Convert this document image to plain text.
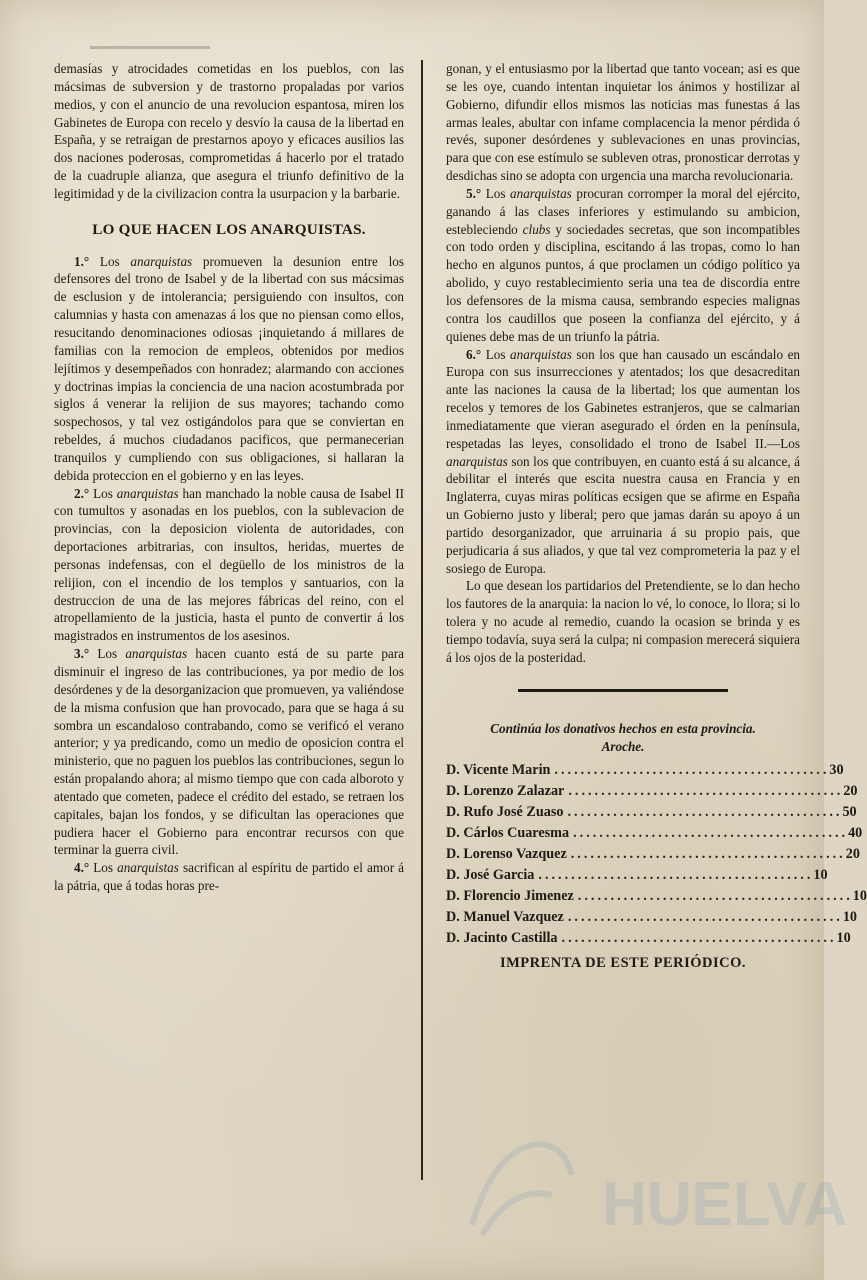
demasías y atrocidades cometidas en los pueblos, con las mácsimas de subversion y de trastorno propaladas por varios medios, y con el anuncio de una revolucion espantosa, miren los Gabinetes de Europa con recelo y desvío la causa de la libertad en España, y se retraigan de prestarnos apoyo y eficaces ausilios las dos naciones poderosas, comprometidas á hacerlo por el tratado de la cuadruple alianza, que asegura el triunfo definitivo de la legitimidad y de la civilizacion contra la usurpacion y la barbarie.

LO QUE HACEN LOS ANARQUISTAS.

1.° Los anarquistas promueven la desunion entre los defensores del trono de Isabel y de la libertad con sus mácsimas de esclusion y de intolerancia; persiguiendo con insultos, con calumnias y hasta con amenazas á los que no piensan como ellos, resucitando denominaciones odiosas ¡inquietando á millares de familias con la remocion de empleos, obtenidos por medios lejítimos y desempeñados con honradez; alarmando con acciones y doctrinas impias la conciencia de una nacion acostumbrada por siglos á venerar la relijion de sus mayores; tachando como sospechosos, y tal vez ostigándolos para que se conviertan en rebeldes, á muchos ciudadanos pacificos, que permanecerian tranquilos y cumpliendo con sus obligaciones, si hallaran la debida proteccion en el gobierno y en las leyes.

2.° Los anarquistas han manchado la noble causa de Isabel II con tumultos y asonadas en los pueblos, con la sublevacion de provincias, con la deposicion violenta de autoridades, con deportaciones arbitrarias, con insultos, heridas, muertes de personas indefensas, con el degüello de los ministros de la relijion, con el incendio de los templos y santuarios, con la destruccion de una de las mejores fábricas del reino, con el atropellamiento de la justicia, hasta el punto de convertir á los magistrados en instrumentos de los asesinos.

3.° Los anarquistas hacen cuanto está de su parte para disminuir el ingreso de las contribuciones, ya por medio de los desórdenes y de la desorganizacion que promueven, ya valiéndose de la misma confusion que han provocado, para que se haga á su sombra un escandaloso contrabando, como se verificó el verano anterior; y ya predicando, como un medio de oposicion contra el ministerio, que no paguen los pueblos las contribuciones, segun lo están propalando ahora; al mismo tiempo que con cada alboroto y atentado que cometen, padece el crédito del estado, se retraen los capitales, bajan los fondos, y se dificultan las operaciones que pudiera hacer el Gobierno para encontrar recursos con que terminar la guerra civil.

4.° Los anarquistas sacrifican al espíritu de partido el amor á la pátria, que á todas horas pre-

gonan, y el entusiasmo por la libertad que tanto vocean; asi es que se les oye, cuando intentan inquietar los ánimos y hostilizar al Gobierno, difundir ellos mismos las noticias mas funestas á las armas leales, abultar con infame complacencia la menor pérdida ó revés, suponer desórdenes y sublevaciones en unas provincias, para que con ese estímulo se subleven otras, pronosticar derrotas y desdichas sino se adopta con urgencia una marcha revolucionaria.

5.° Los anarquistas procuran corromper la moral del ejército, ganando á las clases inferiores y estimulando su ambicion, estebleciendo clubs y sociedades secretas, que son incompatibles con todo orden y disciplina, escitando á las tropas, como lo han hecho en algunos puntos, á que proclamen un código político ya abolido, y cuyo restablecimiento seria una tea de discordia entre los defensores de la misma causa, sembrando especies malignas contra los caudillos que poseen la confianza del ejército, y á quienes debe mas de un triunfo la pátria.

6.° Los anarquistas son los que han causado un escándalo en Europa con sus insurrecciones y atentados; los que desacreditan ante las naciones la causa de la libertad; los que aumentan los recelos y temores de los Gabinetes estranjeros, que se calmarian inmediatamente que vieran asegurado el órden en la península, respetadas las leyes, consolidado el trono de Isabel II.—Los anarquistas son los que contribuyen, en cuanto está á su alcance, á debilitar el interés que escita nuestra causa en Francia y en Inglaterra, cuyas miras políticas ecsigen que se afirme en España un Gobierno justo y liberal; pero que jamas darán su apoyo á un partido desorganizador, que arruinaria á su propio pais, que perjudicaria á sus aliados, y que tal vez comprometeria la paz y el sosiego de Europa.

Lo que desean los partidarios del Pretendiente, se lo dan hecho los fautores de la anarquia: la nacion lo vé, lo conoce, lo llora; si lo tolera y no acude al remedio, cuando la ocasion se brinda y es tiempo todavía, suya será la culpa; ni compasion merecerá siquiera á los ojos de la posteridad.

Continúa los donativos hechos en esta provincia.

Aroche.

D. Vicente Marin .......................................... 30
D. Lorenzo Zalazar .......................................... 20
D. Rufo José Zuaso .......................................... 50
D. Cárlos Cuaresma .......................................... 40
D. Lorenso Vazquez .......................................... 20
D. José Garcia .......................................... 10
D. Florencio Jimenez .......................................... 10
D. Manuel Vazquez .......................................... 10
D. Jacinto Castilla .......................................... 10

IMPRENTA DE ESTE PERIÓDICO.

HUELVA
